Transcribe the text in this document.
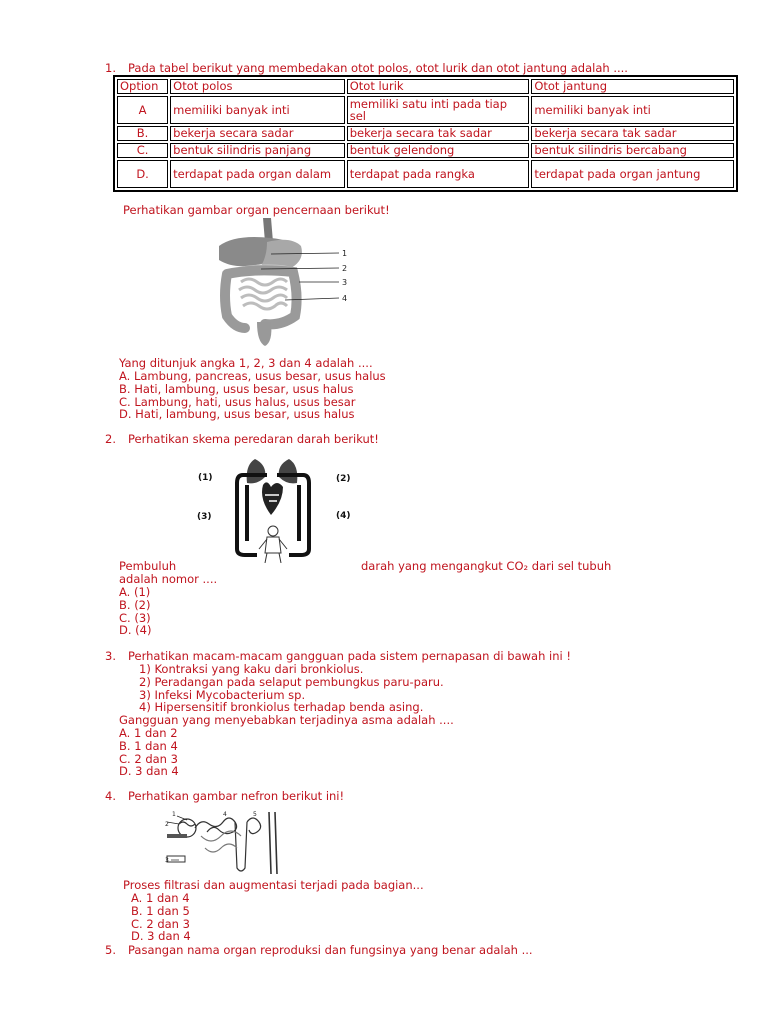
1. Pada tabel berikut yang membedakan otot polos, otot lurik dan otot jantung adalah ....
Option	Otot polos	Otot lurik	Otot jantung
A	memiliki banyak inti	memiliki satu inti pada tiap sel	memiliki banyak inti
B.	bekerja secara sadar	bekerja secara tak sadar	bekerja secara tak sadar
C.	bentuk silindris panjang	bentuk gelendong	bentuk silindris bercabang
D.	terdapat pada organ dalam	terdapat pada rangka	terdapat pada organ jantung
Perhatikan gambar organ pencernaan berikut!
1
2
3
4
Yang ditunjuk angka 1, 2, 3 dan 4 adalah ....
A. Lambung, pancreas, usus besar, usus halus
B. Hati, lambung, usus besar, usus halus
C. Lambung, hati, usus halus, usus besar
D. Hati, lambung, usus besar, usus halus
2. Perhatikan skema peredaran darah berikut!
(1)	(2)
(3)	(4)
Pembuluh	darah yang mengangkut CO₂ dari sel tubuh
adalah nomor ....
A. (1)
B. (2)
C. (3)
D. (4)
3. Perhatikan macam-macam gangguan pada sistem pernapasan di bawah ini !
1) Kontraksi yang kaku dari bronkiolus.
2) Peradangan pada selaput pembungkus paru-paru.
3) Infeksi Mycobacterium sp.
4) Hipersensitif bronkiolus terhadap benda asing.
Gangguan yang menyebabkan terjadinya asma adalah ....
A. 1 dan 2
B. 1 dan 4
C. 2 dan 3
D. 3 dan 4
4. Perhatikan gambar nefron berikut ini!
1
2
3
4	5
Proses filtrasi dan augmentasi terjadi pada bagian...
A. 1 dan 4
B. 1 dan 5
C. 2 dan 3
D. 3 dan 4
5. Pasangan nama organ reproduksi dan fungsinya yang benar adalah ...
